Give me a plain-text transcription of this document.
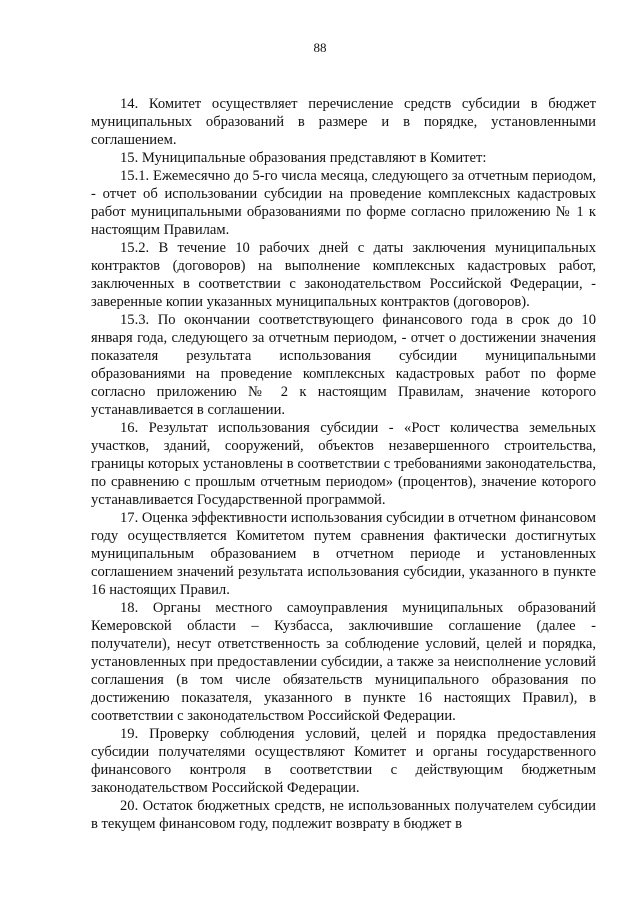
88

14. Комитет осуществляет перечисление средств субсидии в бюджет муниципальных образований в размере и в порядке, установленными соглашением.

15. Муниципальные образования представляют в Комитет:

15.1. Ежемесячно до 5-го числа месяца, следующего за отчетным периодом, - отчет об использовании субсидии на проведение комплексных кадастровых работ муниципальными образованиями по форме согласно приложению № 1 к настоящим Правилам.

15.2. В течение 10 рабочих дней с даты заключения муниципальных контрактов (договоров) на выполнение комплексных кадастровых работ, заключенных в соответствии с законодательством Российской Федерации, - заверенные копии указанных муниципальных контрактов (договоров).

15.3. По окончании соответствующего финансового года в срок до 10 января года, следующего за отчетным периодом, - отчет о достижении значения показателя результата использования субсидии муниципальными образованиями на проведение комплексных кадастровых работ по форме согласно приложению № 2 к настоящим Правилам, значение которого устанавливается в соглашении.

16. Результат использования субсидии - «Рост количества земельных участков, зданий, сооружений, объектов незавершенного строительства, границы которых установлены в соответствии с требованиями законодательства, по сравнению с прошлым отчетным периодом» (процентов), значение которого устанавливается Государственной программой.

17. Оценка эффективности использования субсидии в отчетном финансовом году осуществляется Комитетом путем сравнения фактически достигнутых муниципальным образованием в отчетном периоде и установленных соглашением значений результата использования субсидии, указанного в пункте 16 настоящих Правил.

18. Органы местного самоуправления муниципальных образований Кемеровской области – Кузбасса, заключившие соглашение (далее - получатели), несут ответственность за соблюдение условий, целей и порядка, установленных при предоставлении субсидии, а также за неисполнение условий соглашения (в том числе обязательств муниципального образования по достижению показателя, указанного в пункте 16 настоящих Правил), в соответствии с законодательством Российской Федерации.

19. Проверку соблюдения условий, целей и порядка предоставления субсидии получателями осуществляют Комитет и органы государственного финансового контроля в соответствии с действующим бюджетным законодательством Российской Федерации.

20. Остаток бюджетных средств, не использованных получателем субсидии в текущем финансовом году, подлежит возврату в бюджет в
